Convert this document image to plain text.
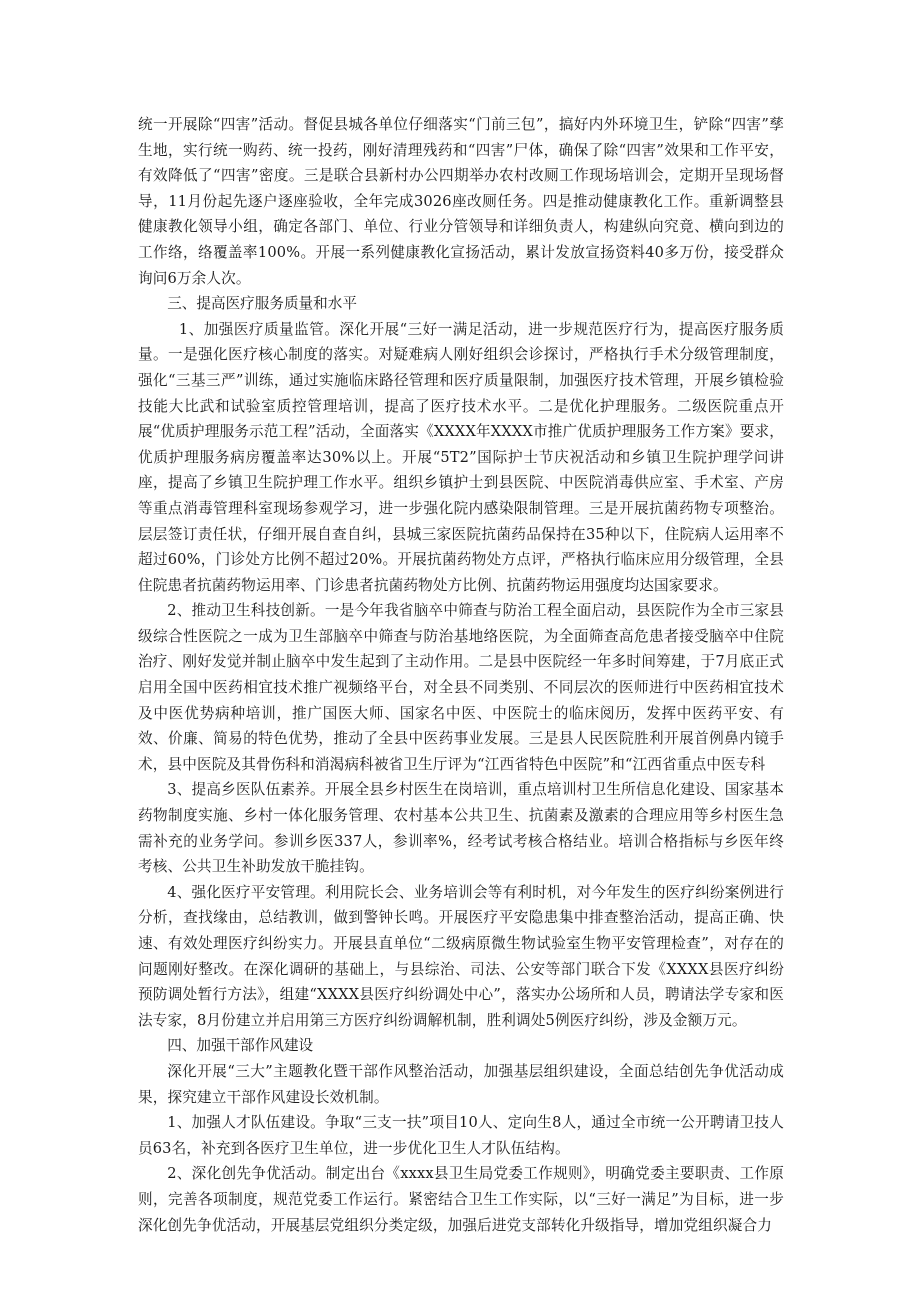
统一开展除“四害”活动。督促县城各单位仔细落实“门前三包”，搞好内外环境卫生，铲除“四害”孳生地，实行统一购药、统一投药，刚好清理残药和“四害”尸体，确保了除“四害”效果和工作平安，有效降低了“四害”密度。三是联合县新村办公四期举办农村改厕工作现场培训会，定期开呈现场督导，11月份起先逐户逐座验收，全年完成3026座改厕任务。四是推动健康教化工作。重新调整县健康教化领导小组，确定各部门、单位、行业分管领导和详细负责人，构建纵向究竟、横向到边的工作络，络覆盖率100%。开展一系列健康教化宣扬活动，累计发放宣扬资料40多万份，接受群众询问6万余人次。

三、提高医疗服务质量和水平

1、加强医疗质量监管。深化开展“三好一满足活动，进一步规范医疗行为，提高医疗服务质量。一是强化医疗核心制度的落实。对疑难病人刚好组织会诊探讨，严格执行手术分级管理制度，强化“三基三严”训练，通过实施临床路径管理和医疗质量限制，加强医疗技术管理，开展乡镇检验技能大比武和试验室质控管理培训，提高了医疗技术水平。二是优化护理服务。二级医院重点开展“优质护理服务示范工程”活动，全面落实《XXXX年XXXX市推广优质护理服务工作方案》要求，优质护理服务病房覆盖率达30%以上。开展“5T2”国际护士节庆祝活动和乡镇卫生院护理学问讲座，提高了乡镇卫生院护理工作水平。组织乡镇护士到县医院、中医院消毒供应室、手术室、产房等重点消毒管理科室现场参观学习，进一步强化院内感染限制管理。三是开展抗菌药物专项整治。层层签订责任状，仔细开展自查自纠，县城三家医院抗菌药品保持在35种以下，住院病人运用率不超过60%，门诊处方比例不超过20%。开展抗菌药物处方点评，严格执行临床应用分级管理，全县住院患者抗菌药物运用率、门诊患者抗菌药物处方比例、抗菌药物运用强度均达国家要求。

2、推动卫生科技创新。一是今年我省脑卒中筛查与防治工程全面启动，县医院作为全市三家县级综合性医院之一成为卫生部脑卒中筛查与防治基地络医院，为全面筛查高危患者接受脑卒中住院治疗、刚好发觉并制止脑卒中发生起到了主动作用。二是县中医院经一年多时间筹建，于7月底正式启用全国中医药相宜技术推广视频络平台，对全县不同类别、不同层次的医师进行中医药相宜技术及中医优势病种培训，推广国医大师、国家名中医、中医院士的临床阅历，发挥中医药平安、有效、价廉、简易的特色优势，推动了全县中医药事业发展。三是县人民医院胜利开展首例鼻内镜手术，县中医院及其骨伤科和消渴病科被省卫生厅评为“江西省特色中医院”和“江西省重点中医专科

3、提高乡医队伍素养。开展全县乡村医生在岗培训，重点培训村卫生所信息化建设、国家基本药物制度实施、乡村一体化服务管理、农村基本公共卫生、抗菌素及激素的合理应用等乡村医生急需补充的业务学问。参训乡医337人，参训率%，经考试考核合格结业。培训合格指标与乡医年终考核、公共卫生补助发放干脆挂钩。

4、强化医疗平安管理。利用院长会、业务培训会等有利时机，对今年发生的医疗纠纷案例进行分析，查找缘由，总结教训，做到警钟长鸣。开展医疗平安隐患集中排查整治活动，提高正确、快速、有效处理医疗纠纷实力。开展县直单位“二级病原微生物试验室生物平安管理检查”，对存在的问题刚好整改。在深化调研的基础上，与县综治、司法、公安等部门联合下发《XXXX县医疗纠纷预防调处暂行方法》，组建“XXXX县医疗纠纷调处中心”，落实办公场所和人员，聘请法学专家和医法专家，8月份建立并启用第三方医疗纠纷调解机制，胜利调处5例医疗纠纷，涉及金额万元。

四、加强干部作风建设

深化开展“三大”主题教化暨干部作风整治活动，加强基层组织建设，全面总结创先争优活动成果，探究建立干部作风建设长效机制。

1、加强人才队伍建设。争取“三支一扶”项目10人、定向生8人，通过全市统一公开聘请卫技人员63名，补充到各医疗卫生单位，进一步优化卫生人才队伍结构。

2、深化创先争优活动。制定出台《xxxx县卫生局党委工作规则》，明确党委主要职责、工作原则，完善各项制度，规范党委工作运行。紧密结合卫生工作实际，以“三好一满足”为目标，进一步深化创先争优活动，开展基层党组织分类定级，加强后进党支部转化升级指导，增加党组织凝合力
